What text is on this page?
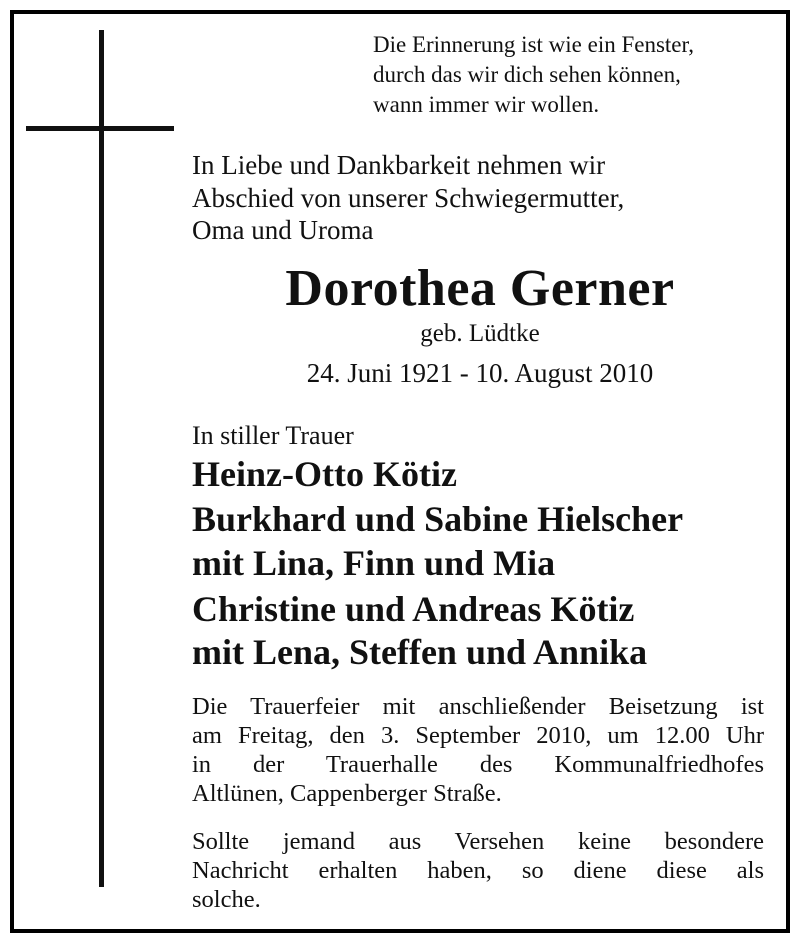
Die Erinnerung ist wie ein Fenster,
durch das wir dich sehen können,
wann immer wir wollen.
In Liebe und Dankbarkeit nehmen wir
Abschied von unserer Schwiegermutter,
Oma und Uroma
Dorothea Gerner
geb. Lüdtke
24. Juni 1921 - 10. August 2010
In stiller Trauer
Heinz-Otto Kötiz
Burkhard und Sabine Hielscher
mit Lina, Finn und Mia
Christine und Andreas Kötiz
mit Lena, Steffen und Annika
Die Trauerfeier mit anschließender Beisetzung ist
am Freitag, den 3. September 2010, um 12.00 Uhr
in der Trauerhalle des Kommunalfriedhofes
Altlünen, Cappenberger Straße.
Sollte jemand aus Versehen keine besondere
Nachricht erhalten haben, so diene diese als
solche.
